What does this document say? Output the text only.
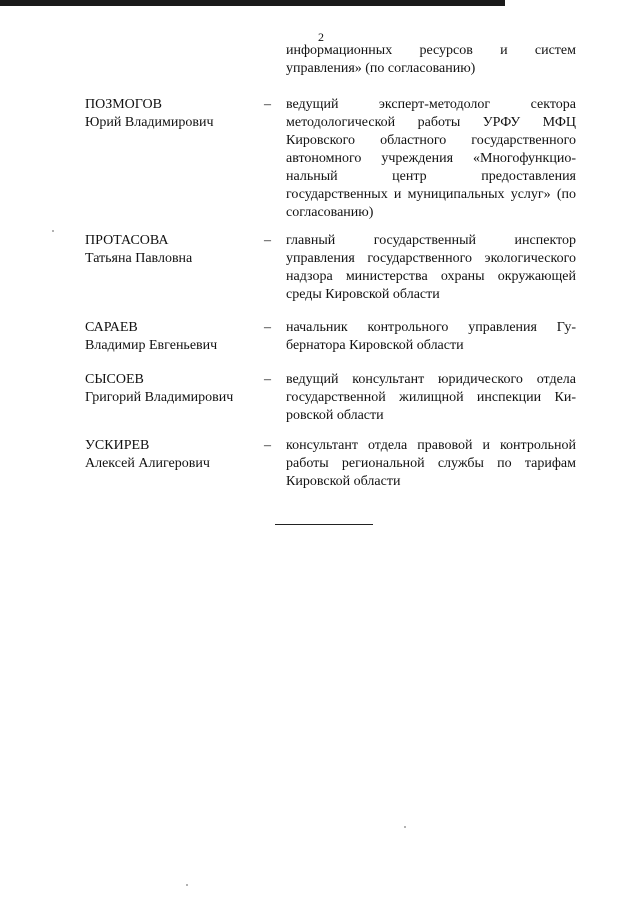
2
информационных ресурсов и систем управления» (по согласованию)
ПОЗМОГОВ
Юрий Владимирович
– ведущий эксперт-методолог сектора методологической работы УРФУ МФЦ Кировского областного государственного автономного учреждения «Многофункциональный центр предоставления государственных и муниципальных услуг» (по согласованию)
ПРОТАСОВА
Татьяна Павловна
– главный государственный инспектор управления государственного экологического надзора министерства охраны окружающей среды Кировской области
САРАЕВ
Владимир Евгеньевич
– начальник контрольного управления Губернатора Кировской области
СЫСОЕВ
Григорий Владимирович
– ведущий консультант юридического отдела государственной жилищной инспекции Кировской области
УСКИРЕВ
Алексей Алигерович
– консультант отдела правовой и контрольной работы региональной службы по тарифам Кировской области
